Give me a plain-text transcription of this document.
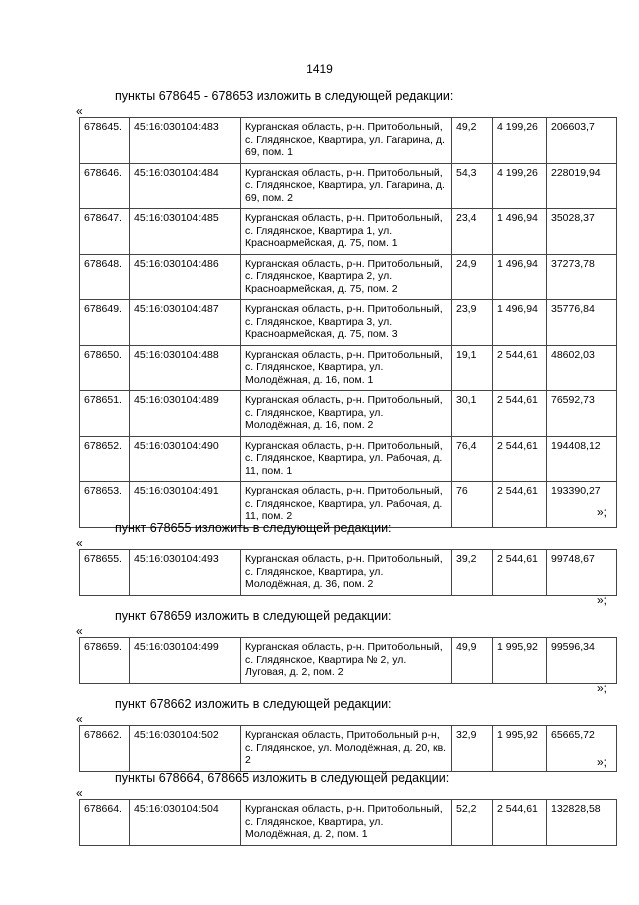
1419
пункты 678645 - 678653 изложить в следующей редакции:
«
678645.	45:16:030104:483	Курганская область, р-н. Притобольный, с. Глядянское, Квартира, ул. Гагарина, д. 69, пом. 1	49,2	4 199,26	206603,7
678646.	45:16:030104:484	Курганская область, р-н. Притобольный, с. Глядянское, Квартира, ул. Гагарина, д. 69, пом. 2	54,3	4 199,26	228019,94
678647.	45:16:030104:485	Курганская область, р-н. Притобольный, с. Глядянское, Квартира 1, ул. Красноармейская, д. 75, пом. 1	23,4	1 496,94	35028,37
678648.	45:16:030104:486	Курганская область, р-н. Притобольный, с. Глядянское, Квартира 2, ул. Красноармейская, д. 75, пом. 2	24,9	1 496,94	37273,78
678649.	45:16:030104:487	Курганская область, р-н. Притобольный, с. Глядянское, Квартира 3, ул. Красноармейская, д. 75, пом. 3	23,9	1 496,94	35776,84
678650.	45:16:030104:488	Курганская область, р-н. Притобольный, с. Глядянское, Квартира, ул. Молодёжная, д. 16, пом. 1	19,1	2 544,61	48602,03
678651.	45:16:030104:489	Курганская область, р-н. Притобольный, с. Глядянское, Квартира, ул. Молодёжная, д. 16, пом. 2	30,1	2 544,61	76592,73
678652.	45:16:030104:490	Курганская область, р-н. Притобольный, с. Глядянское, Квартира, ул. Рабочая, д. 11, пом. 1	76,4	2 544,61	194408,12
678653.	45:16:030104:491	Курганская область, р-н. Притобольный, с. Глядянское, Квартира, ул. Рабочая, д. 11, пом. 2	76	2 544,61	193390,27
»;
пункт 678655 изложить в следующей редакции:
«
678655.	45:16:030104:493	Курганская область, р-н. Притобольный, с. Глядянское, Квартира, ул. Молодёжная, д. 36, пом. 2	39,2	2 544,61	99748,67
»;
пункт 678659 изложить в следующей редакции:
«
678659.	45:16:030104:499	Курганская область, р-н. Притобольный, с. Глядянское, Квартира № 2, ул. Луговая, д. 2, пом. 2	49,9	1 995,92	99596,34
»;
пункт 678662 изложить в следующей редакции:
«
678662.	45:16:030104:502	Курганская область, Притобольный р-н, с. Глядянское, ул. Молодёжная, д. 20, кв. 2	32,9	1 995,92	65665,72
»;
пункты 678664, 678665 изложить в следующей редакции:
«
678664.	45:16:030104:504	Курганская область, р-н. Притобольный, с. Глядянское, Квартира, ул. Молодёжная, д. 2, пом. 1	52,2	2 544,61	132828,58
